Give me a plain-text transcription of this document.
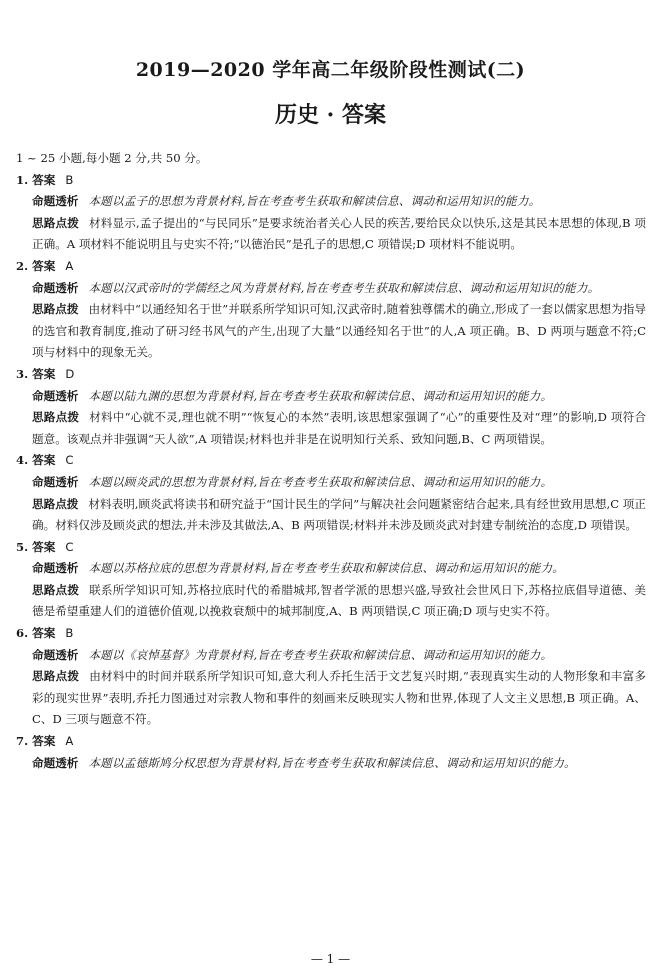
2019—2020 学年高二年级阶段性测试(二)
历史 · 答案
1 ~ 25 小题,每小题 2 分,共 50 分。
1. 答案 B
命题透析 本题以孟子的思想为背景材料,旨在考查考生获取和解读信息、调动和运用知识的能力。
思路点拨 材料显示,孟子提出的“与民同乐”是要求统治者关心人民的疾苦,要给民众以快乐,这是其民本思想的体现,B 项正确。A 项材料不能说明且与史实不符;“以德治民”是孔子的思想,C 项错误;D 项材料不能说明。
2. 答案 A
命题透析 本题以汉武帝时的学儒经之风为背景材料,旨在考查考生获取和解读信息、调动和运用知识的能力。
思路点拨 由材料中“以通经知名于世”并联系所学知识可知,汉武帝时,随着独尊儒术的确立,形成了一套以儒家思想为指导的选官和教育制度,推动了研习经书风气的产生,出现了大量“以通经知名于世”的人,A 项正确。B、D 两项与题意不符;C 项与材料中的现象无关。
3. 答案 D
命题透析 本题以陆九渊的思想为背景材料,旨在考查考生获取和解读信息、调动和运用知识的能力。
思路点拨 材料中“心就不灵,理也就不明”“恢复心的本然”表明,该思想家强调了“心”的重要性及对“理”的影响,D 项符合题意。该观点并非强调“天人欲”,A 项错误;材料也并非是在说明知行关系、致知问题,B、C 两项错误。
4. 答案 C
命题透析 本题以顾炎武的思想为背景材料,旨在考查考生获取和解读信息、调动和运用知识的能力。
思路点拨 材料表明,顾炎武将读书和研究益于“国计民生的学问”与解决社会问题紧密结合起来,具有经世致用思想,C 项正确。材料仅涉及顾炎武的想法,并未涉及其做法,A、B 两项错误;材料并未涉及顾炎武对封建专制统治的态度,D 项错误。
5. 答案 C
命题透析 本题以苏格拉底的思想为背景材料,旨在考查考生获取和解读信息、调动和运用知识的能力。
思路点拨 联系所学知识可知,苏格拉底时代的希腊城邦,智者学派的思想兴盛,导致社会世风日下,苏格拉底倡导道德、美德是希望重建人们的道德价值观,以挽救衰颓中的城邦制度,A、B 两项错误,C 项正确;D 项与史实不符。
6. 答案 B
命题透析 本题以《哀悼基督》为背景材料,旨在考查考生获取和解读信息、调动和运用知识的能力。
思路点拨 由材料中的时间并联系所学知识可知,意大利人乔托生活于文艺复兴时期,“表现真实生动的人物形象和丰富多彩的现实世界”表明,乔托力图通过对宗教人物和事件的刻画来反映现实人物和世界,体现了人文主义思想,B 项正确。A、C、D 三项与题意不符。
7. 答案 A
命题透析 本题以孟德斯鸠分权思想为背景材料,旨在考查考生获取和解读信息、调动和运用知识的能力。
— 1 —
